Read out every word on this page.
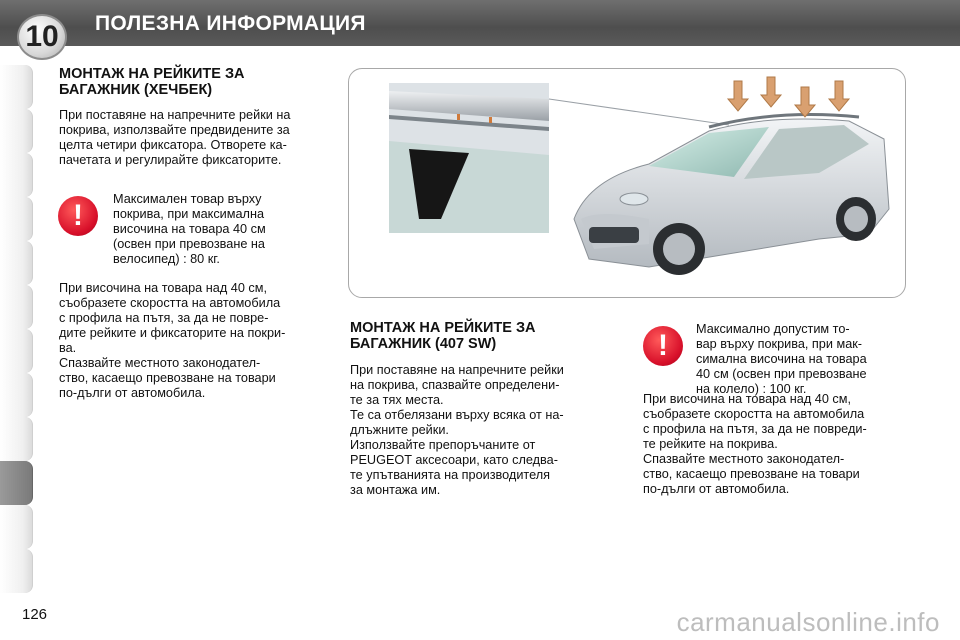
ПОЛЕЗНА ИНФОРМАЦИЯ
10
МОНТАЖ НА РЕЙКИТЕ ЗА
БАГАЖНИК (ХЕЧБЕК)
При поставяне на напречните рейки на
покрива, използвайте предвидените за
целта четири фиксатора. Отворете ка-
пачетата и регулирайте фиксаторите.
!	Максимален товар върху
покрива, при максимална
височина на товара 40 см
(освен при превозване на
велосипед) : 80 кг.
При височина на товара над 40 см,
съобразете скоростта на автомобила
с профила на пътя, за да не повре-
дите рейките и фиксаторите на покри-
ва.
Спазвайте местното законодател-
ство, касаещо превозване на товари
по-дълги от автомобила.
МОНТАЖ НА РЕЙКИТЕ ЗА
БАГАЖНИК (407 SW)
При поставяне на напречните рейки
на покрива, спазвайте определени-
те за тях места.
Те са отбелязани върху всяка от на-
длъжните рейки.
Използвайте препоръчаните от
PEUGEOT аксесоари, като следва-
те упътванията на производителя
за монтажа им.
!	Максимално допустим то-
вар върху покрива, при мак-
симална височина на товара
40 см (освен при превозване
на колело) : 100 кг.
При височина на товара над 40 см,
съобразете скоростта на автомобила
с профила на пътя, за да не повреди-
те рейките на покрива.
Спазвайте местното законодател-
ство, касаещо превозване на товари
по-дълги от автомобила.
126	carmanualsonline.info
